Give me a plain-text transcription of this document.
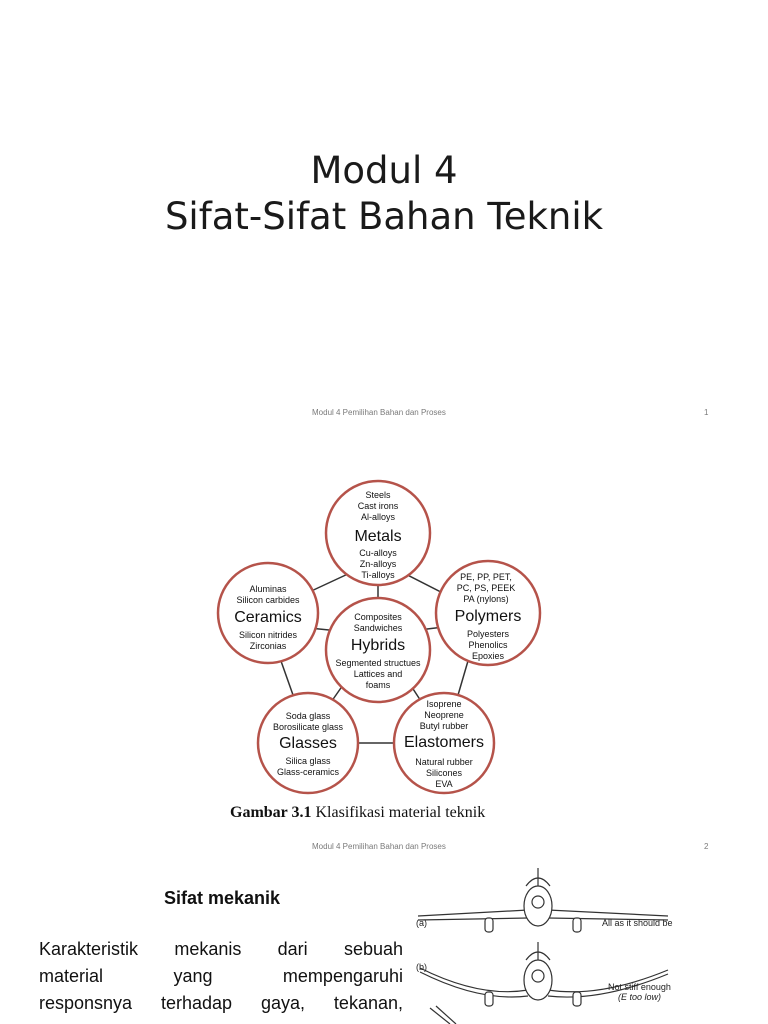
Modul 4
Sifat-Sifat Bahan Teknik
Modul 4 Pemilihan Bahan dan Proses	1
Steels
Cast irons
Al-alloys
Metals
Cu-alloys
Zn-alloys
Ti-alloys	PE, PP, PET,
PC, PS, PEEK
PA (nylons)
Polymers
Polyesters
Phenolics
Epoxies
Isoprene
Neoprene
Butyl rubber
Elastomers
Natural rubber
Silicones
EVA
Soda glass
Borosilicate glass
Glasses
Silica glass
Glass-ceramics
Aluminas
Silicon carbides
Ceramics
Silicon nitrides
Zirconias
Composites
Sandwiches
Hybrids
Segmented structues
Lattices and
foams
Gambar 3.1 Klasifikasi material teknik
Modul 4 Pemilihan Bahan dan Proses	2
Sifat mekanik
Karakteristik mekanis dari sebuah
material yang mempengaruhi
responsnya terhadap gaya, tekanan,
(a)	All as it should be
(b)
Not stiff enough
(E too low)
